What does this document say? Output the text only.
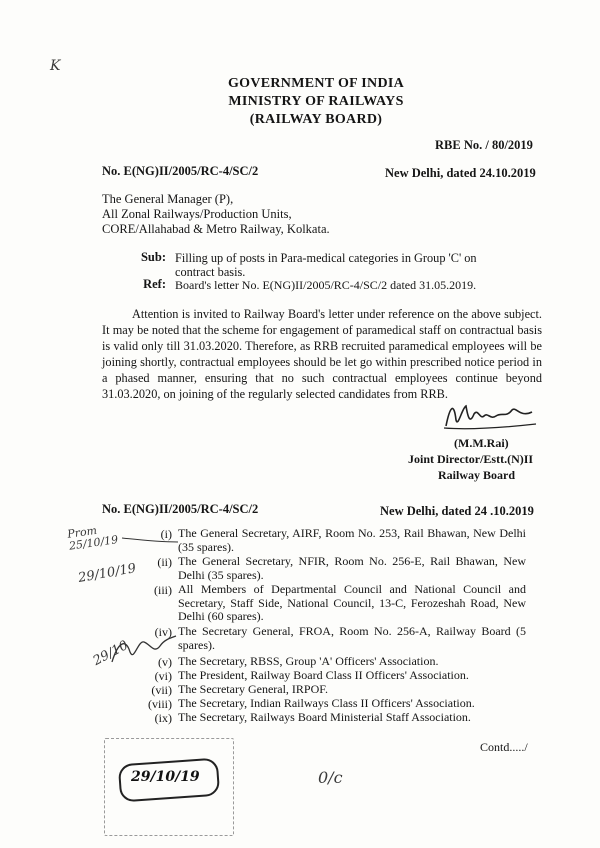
K
GOVERNMENT OF INDIA
MINISTRY OF RAILWAYS
(RAILWAY BOARD)
RBE No. / 80/2019
No. E(NG)II/2005/RC-4/SC/2	New Delhi, dated 24.10.2019
The General Manager (P),
All Zonal Railways/Production Units,
CORE/Allahabad & Metro Railway, Kolkata.
Sub: Filling up of posts in Para-medical categories in Group 'C' on contract basis.
Ref: Board's letter No. E(NG)II/2005/RC-4/SC/2 dated 31.05.2019.
Attention is invited to Railway Board's letter under reference on the above subject. It may be noted that the scheme for engagement of paramedical staff on contractual basis is valid only till 31.03.2020. Therefore, as RRB recruited paramedical employees will be joining shortly, contractual employees should be let go within prescribed notice period in a phased manner, ensuring that no such contractual employees continue beyond 31.03.2020, on joining of the regularly selected candidates from RRB.
(M.M.Rai)
Joint Director/Estt.(N)II
Railway Board
No. E(NG)II/2005/RC-4/SC/2	New Delhi, dated 24 .10.2019
(i) The General Secretary, AIRF, Room No. 253, Rail Bhawan, New Delhi (35 spares).
(ii) The General Secretary, NFIR, Room No. 256-E, Rail Bhawan, New Delhi (35 spares).
(iii) All Members of Departmental Council and National Council and Secretary, Staff Side, National Council, 13-C, Ferozeshah Road, New Delhi (60 spares).
(iv) The Secretary General, FROA, Room No. 256-A, Railway Board (5 spares).
(v) The Secretary, RBSS, Group 'A' Officers' Association.
(vi) The President, Railway Board Class II Officers' Association.
(vii) The Secretary General, IRPOF.
(viii) The Secretary, Indian Railways Class II Officers' Association.
(ix) The Secretary, Railways Board Ministerial Staff Association.
Prom 25/10/19
29/10/19
29/10
Contd...../
29/10/19	0/c
